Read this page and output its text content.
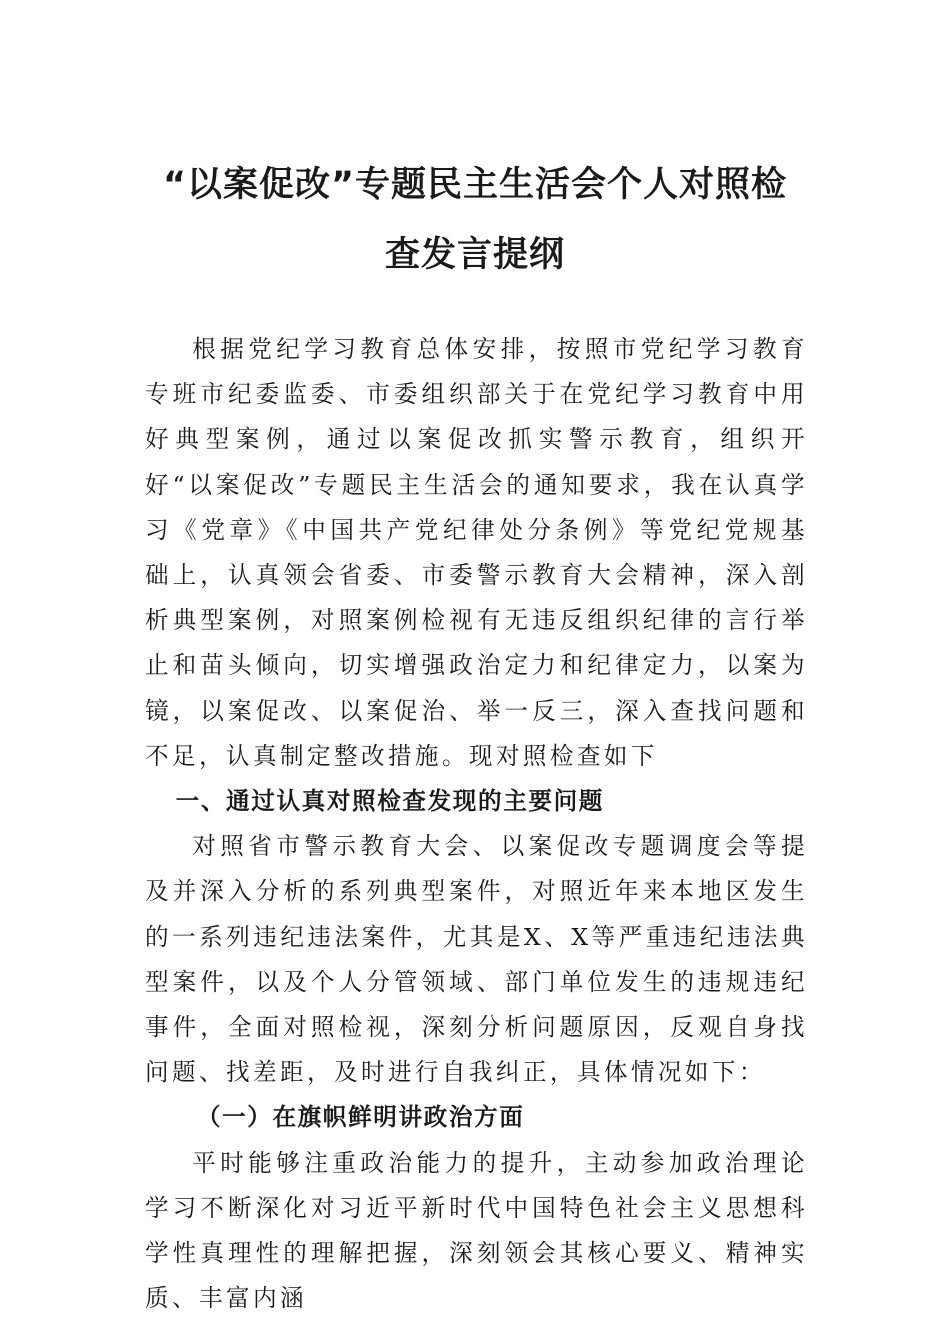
“以案促改”专题民主生活会个人对照检
查发言提纲

根据党纪学习教育总体安排，按照市党纪学习教育专班市纪委监委、市委组织部关于在党纪学习教育中用好典型案例，通过以案促改抓实警示教育，组织开好“以案促改”专题民主生活会的通知要求，我在认真学习《党章》《中国共产党纪律处分条例》等党纪党规基础上，认真领会省委、市委警示教育大会精神，深入剖析典型案例，对照案例检视有无违反组织纪律的言行举止和苗头倾向，切实增强政治定力和纪律定力，以案为镜，以案促改、以案促治、举一反三，深入查找问题和不足，认真制定整改措施。现对照检查如下

一、通过认真对照检查发现的主要问题

对照省市警示教育大会、以案促改专题调度会等提及并深入分析的系列典型案件，对照近年来本地区发生的一系列违纪违法案件，尤其是X、X等严重违纪违法典型案件，以及个人分管领域、部门单位发生的违规违纪事件，全面对照检视，深刻分析问题原因，反观自身找问题、找差距，及时进行自我纠正，具体情况如下：

（一）在旗帜鲜明讲政治方面

平时能够注重政治能力的提升，主动参加政治理论学习不断深化对习近平新时代中国特色社会主义思想科学性真理性的理解把握，深刻领会其核心要义、精神实质、丰富内涵
